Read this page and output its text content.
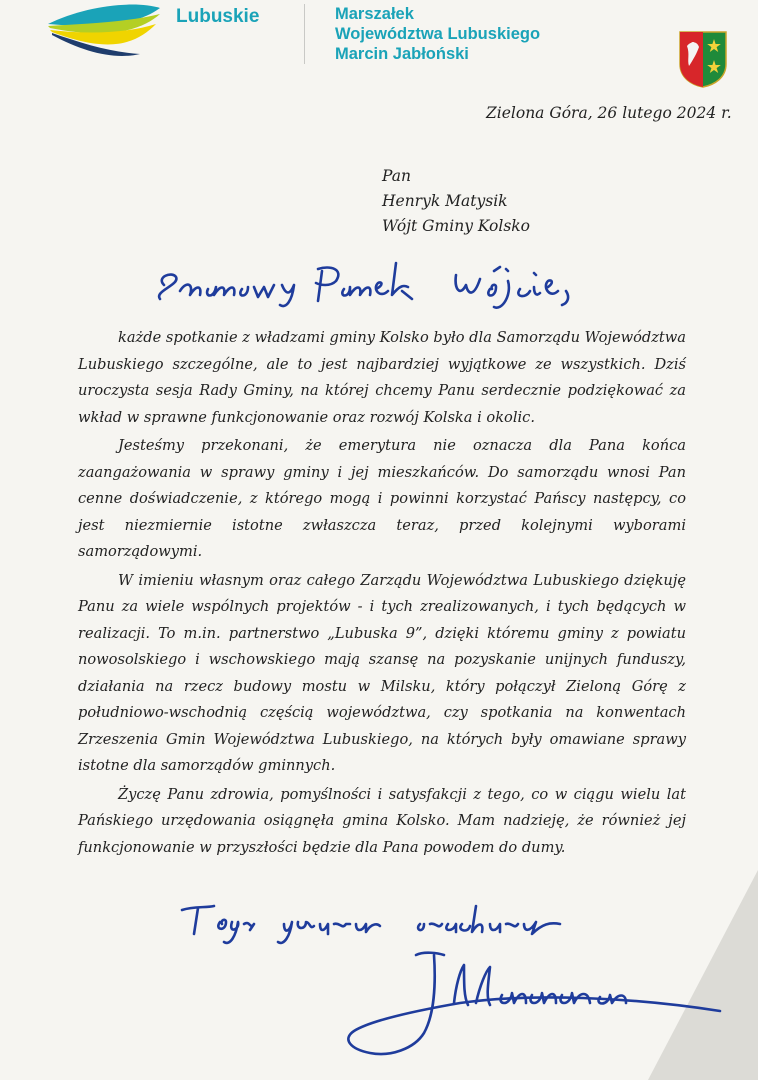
Lubuskie	Marszałek
Województwa Lubuskiego
Marcin Jabłoński
Zielona Góra, 26 lutego 2024 r.
Pan
Henryk Matysik
Wójt Gminy Kolsko

każde spotkanie z władzami gminy Kolsko było dla Samorządu Województwa Lubuskiego szczególne, ale to jest najbardziej wyjątkowe ze wszystkich. Dziś uroczysta sesja Rady Gminy, na której chcemy Panu serdecznie podziękować za wkład w sprawne funkcjonowanie oraz rozwój Kolska i okolic.

Jesteśmy przekonani, że emerytura nie oznacza dla Pana końca zaangażowania w sprawy gminy i jej mieszkańców. Do samorządu wnosi Pan cenne doświadczenie, z którego mogą i powinni korzystać Pańscy następcy, co jest niezmiernie istotne zwłaszcza teraz, przed kolejnymi wyborami samorządowymi.

W imieniu własnym oraz całego Zarządu Województwa Lubuskiego dziękuję Panu za wiele wspólnych projektów - i tych zrealizowanych, i tych będących w realizacji. To m.in. partnerstwo „Lubuska 9”, dzięki któremu gminy z powiatu nowosolskiego i wschowskiego mają szansę na pozyskanie unijnych funduszy, działania na rzecz budowy mostu w Milsku, który połączył Zieloną Górę z południowo-wschodnią częścią województwa, czy spotkania na konwentach Zrzeszenia Gmin Województwa Lubuskiego, na których były omawiane sprawy istotne dla samorządów gminnych.

Życzę Panu zdrowia, pomyślności i satysfakcji z tego, co w ciągu wielu lat Pańskiego urzędowania osiągnęła gmina Kolsko. Mam nadzieję, że również jej funkcjonowanie w przyszłości będzie dla Pana powodem do dumy.
